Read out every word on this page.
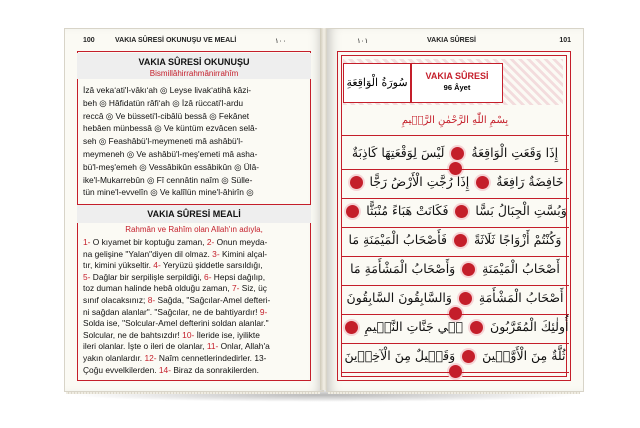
100	VAKIA SÛRESİ OKUNUŞU VE MEALİ	١٠٠
VAKIA SÛRESİ OKUNUŞU
Bismillâhirrahmânirrahîm
İzâ vekaʻati'l-vâkıʻah ◎ Leyse livakʻatihâ kâzi-
beh ◎ Hâfidatün râfiʻah ◎ İzâ rüccati'l-ardu
reccâ ◎ Ve büsseti'l-cibâlü bessâ ◎ Fekânet
hebâen münbessâ ◎ Ve küntüm ezvâcen selâ-
seh ◎ Feashâbü'l-meymeneti mâ ashâbü'l-
meymeneh ◎ Ve ashâbü'l-meş'emeti mâ asha-
bü'l-meş'emeh ◎ Vessâbikûn essâbikûn ◎ Ülâ-
ike'l-Mukarrebûn ◎ Fî cennâtin naîm ◎ Sülle-
tün mine'l-evvelîn ◎ Ve kalîlün mine'l-âhirîn ◎
VAKIA SÛRESİ MEALİ
Rahmân ve Rahîm olan Allah'ın adıyla,
1- O kıyamet bir koptuğu zaman, 2- Onun meyda-
na gelişine "Yalan"diyen dil olmaz. 3- Kimini alçal-
tır, kimini yükseltir. 4- Yeryüzü şiddetle sarsıldığı,
5- Dağlar bir serpilişle serpildiği, 6- Hepsi dağılıp,
toz duman halinde hebâ olduğu zaman, 7- Siz, üç
sınıf olacaksınız; 8- Sağda, "Sağcılar-Amel defteri-
ni sağdan alanlar". "Sağcılar, ne de bahtiyardır! 9-
Solda ise, "Solcular-Amel defterini soldan alanlar."
Solcular, ne de bahtsızdır! 10- İleride ise, iyilikte
ileri olanlar. İşte o ileri de olanlar, 11- Onlar, Allah'a
yakın olanlardır. 12- Naîm cennetlerindedirler. 13-
Çoğu evvelkilerden. 14- Biraz da sonrakilerden.
١٠١	VAKIA SÛRESİ	101
سُورَةُ الْوَاقِعَةِ	VAKIA SÛRESİ
96 Âyet
بِسْمِ اللّٰهِ الرَّحْمٰنِ الرَّح۪يمِ
إِذَا وَقَعَتِ الْوَاقِعَةُ  لَيْسَ لِوَقْعَتِهَا كَاذِبَةٌ
خَافِضَةٌ رَافِعَةٌ  إِذَا رُجَّتِ الْأَرْضُ رَجًّا
وَبُسَّتِ الْجِبَالُ بَسًّا  فَكَانَتْ هَبَاءً مُنْبَثًّا
وَكُنْتُمْ أَزْوَاجًا ثَلَاثَةً  فَأَصْحَابُ الْمَيْمَنَةِ مَا
أَصْحَابُ الْمَيْمَنَةِ  وَأَصْحَابُ الْمَشْأَمَةِ مَا
أَصْحَابُ الْمَشْأَمَةِ  وَالسَّابِقُونَ السَّابِقُونَ
أُولٰئِكَ الْمُقَرَّبُونَ  ف۪ي جَنَّاتِ النَّع۪يمِ
ثُلَّةٌ مِنَ الْأَوَّل۪ينَ  وَقَل۪يلٌ مِنَ الْآخِر۪ينَ
